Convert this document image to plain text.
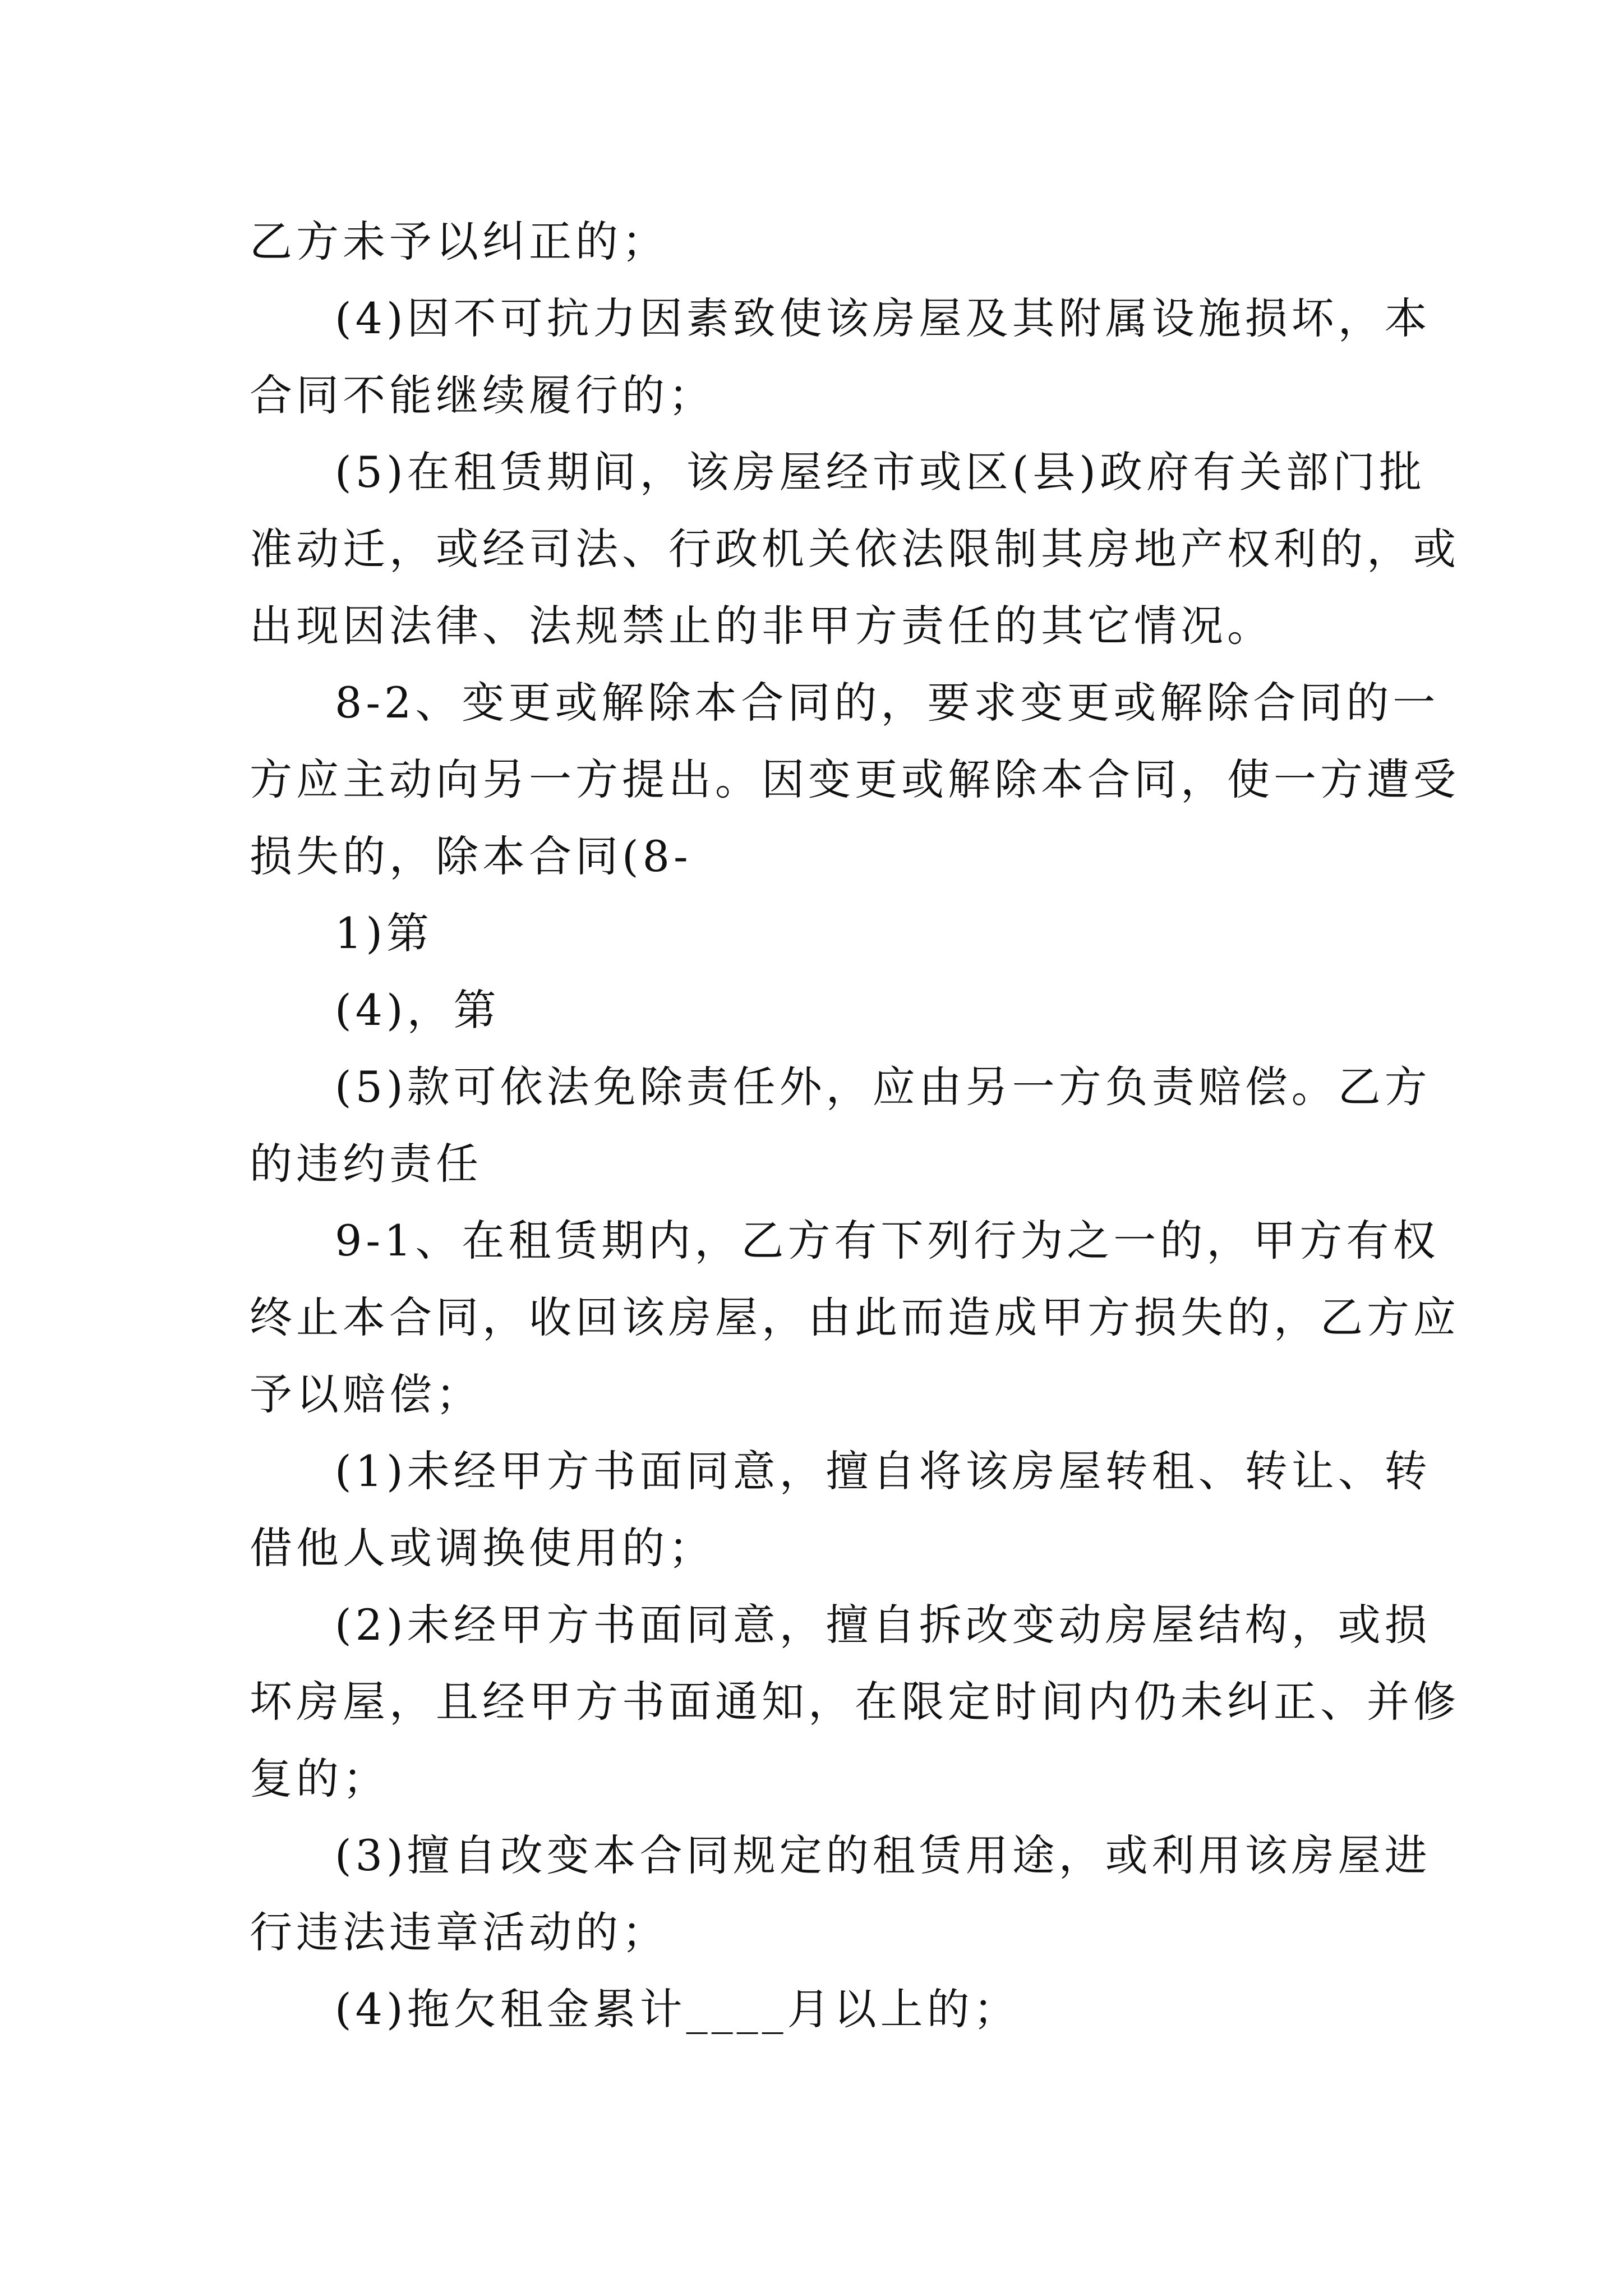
乙方未予以纠正的；
(4)因不可抗力因素致使该房屋及其附属设施损坏，本
合同不能继续履行的；
(5)在租赁期间，该房屋经市或区(县)政府有关部门批
准动迁，或经司法、行政机关依法限制其房地产权利的，或
出现因法律、法规禁止的非甲方责任的其它情况。
8-2、变更或解除本合同的，要求变更或解除合同的一
方应主动向另一方提出。因变更或解除本合同，使一方遭受
损失的，除本合同(8-
1)第
(4)，第
(5)款可依法免除责任外，应由另一方负责赔偿。乙方
的违约责任
9-1、在租赁期内，乙方有下列行为之一的，甲方有权
终止本合同，收回该房屋，由此而造成甲方损失的，乙方应
予以赔偿；
(1)未经甲方书面同意，擅自将该房屋转租、转让、转
借他人或调换使用的；
(2)未经甲方书面同意，擅自拆改变动房屋结构，或损
坏房屋，且经甲方书面通知，在限定时间内仍未纠正、并修
复的；
(3)擅自改变本合同规定的租赁用途，或利用该房屋进
行违法违章活动的；
(4)拖欠租金累计____月以上的；
